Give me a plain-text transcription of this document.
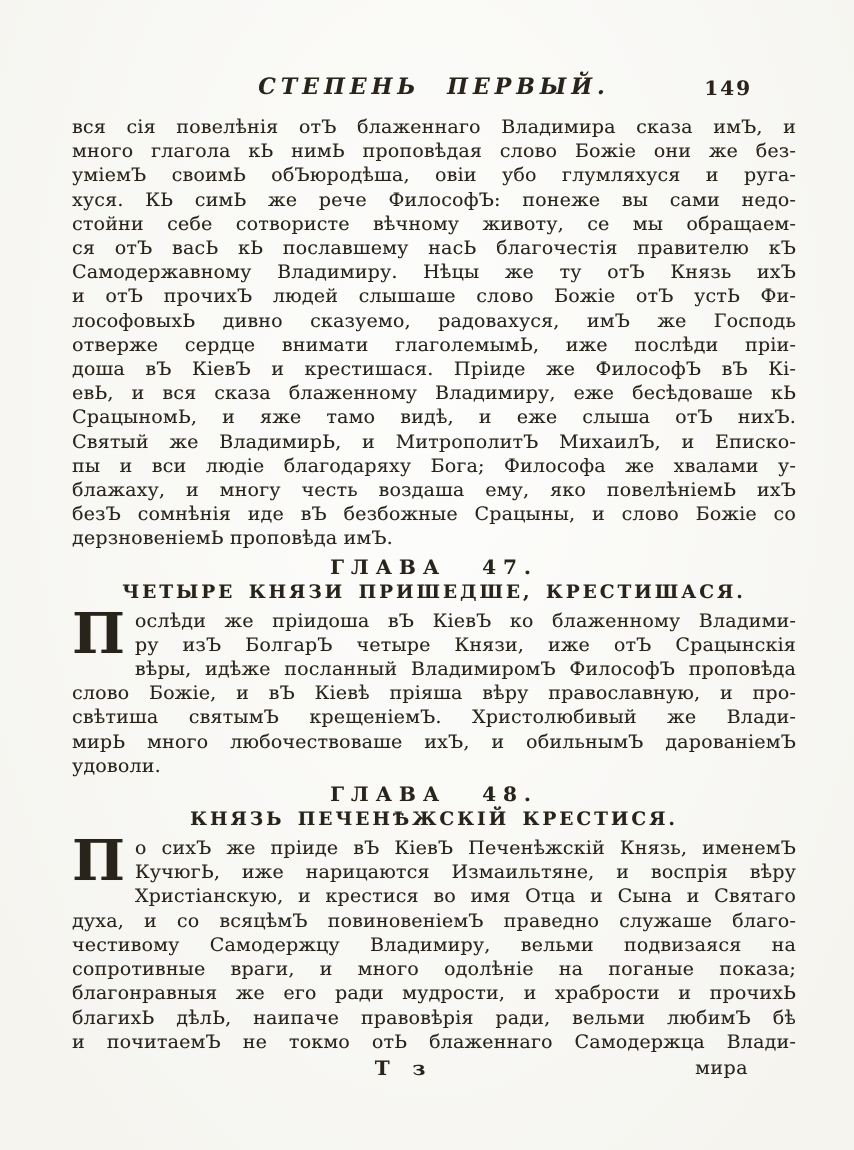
СТЕПЕНЬ ПЕРВЫЙ.	149
вся сія повелѣнія отЪ блаженнаго Владимира сказа имЪ, и
много глагола кЬ нимЬ проповѣдая слово Божіе они же без-
уміемЪ своимЬ обЪюродѣша, овіи убо глумляхуся и руга-
хуся. КЬ симЬ же рече ФилософЪ: понеже вы сами недо-
стойни себе сотвористе вѣчному животу, се мы обращаем-
ся отЪ васЬ кЬ пославшему насЬ благочестія правителю кЪ
Самодержавному Владимиру. Нѣцы же ту отЪ Князь ихЪ
и отЪ прочихЪ людей слышаше слово Божіе отЪ устЬ Фи-
лософовыхЬ дивно сказуемо, радовахуся, имЪ же Господь
отверже сердце внимати глаголемымЬ, иже послѣди пріи-
доша вЪ КіевЪ и крестишася. Пріиде же ФилософЪ вЪ Кі-
евЬ, и вся сказа блаженному Владимиру, еже бесѣдоваше кЬ
СрацыномЬ, и яже тамо видѣ, и еже слыша отЪ нихЪ.
Святый же ВладимирЬ, и МитрополитЪ МихаилЪ, и Еписко-
пы и вси людіе благодаряху Бога; Философа же хвалами у-
блажаху, и многу честь воздаша ему, яко повелѣніемЬ ихЪ
безЪ сомнѣнія иде вЪ безбожные Срацыны, и слово Божіе со
дерзновеніемЬ проповѣда имЪ.
ГЛАВА 47.
ЧЕТЫРЕ КНЯЗИ ПРИШЕДШЕ, КРЕСТИШАСЯ.
П ослѣди же пріидоша вЪ КіевЪ ко блаженному Владими-
ру изЪ БолгарЪ четыре Князи, иже отЪ Срацынскія
вѣры, идѣже посланный ВладимиромЪ ФилософЪ проповѣда
слово Божіе, и вЪ Кіевѣ пріяша вѣру православную, и про-
свѣтиша святымЪ крещеніемЪ. Христолюбивый же Влади-
мирЬ много любочествоваше ихЪ, и обильнымЪ дарованіемЪ
удоволи.
ГЛАВА 48.
КНЯЗЬ ПЕЧЕНѢЖСКІЙ КРЕСТИСЯ.
П о сихЪ же пріиде вЪ КіевЪ Печенѣжскій Князь, именемЪ
КучюгЬ, иже нарицаются Измаильтяне, и воспрія вѣру
Христіанскую, и крестися во имя Отца и Сына и Святаго
духа, и со всяцѣмЪ повиновеніемЪ праведно служаше благо-
честивому Самодержцу Владимиру, вельми подвизаяся на
сопротивные враги, и много одолѣніе на поганые показа;
благонравныя же его ради мудрости, и храбрости и прочихЬ
благихЬ дѣлЬ, наипаче правовѣрія ради, вельми любимЪ бѣ
и почитаемЪ не токмо отЬ блаженнаго Самодержца Влади-
Т з	мира
